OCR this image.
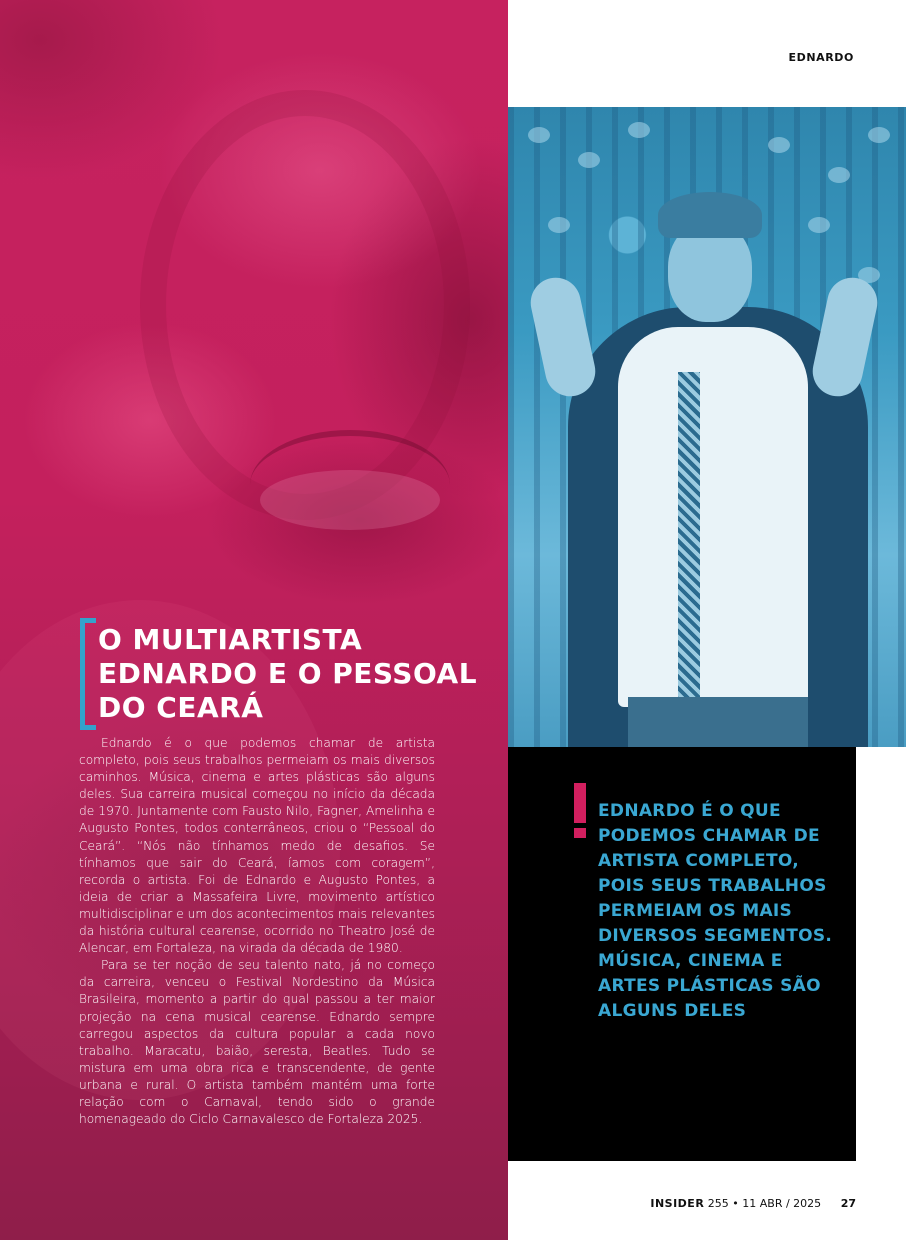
O MULTIARTISTA EDNARDO E O PESSOAL DO CEARÁ

Ednardo é o que podemos chamar de artista completo, pois seus trabalhos permeiam os mais diversos caminhos. Música, cinema e artes plásticas são alguns deles. Sua carreira musical começou no início da década de 1970. Juntamente com Fausto Nilo, Fagner, Amelinha e Augusto Pontes, todos conterrâneos, criou o “Pessoal do Ceará”. “Nós não tínhamos medo de desafios. Se tínhamos que sair do Ceará, íamos com coragem”, recorda o artista. Foi de Ednardo e Augusto Pontes, a ideia de criar a Massafeira Livre, movimento artístico multidisciplinar e um dos acontecimentos mais relevantes da história cultural cearense, ocorrido no Theatro José de Alencar, em Fortaleza, na virada da década de 1980.

Para se ter noção de seu talento nato, já no começo da carreira, venceu o Festival Nordestino da Música Brasileira, momento a partir do qual passou a ter maior projeção na cena musical cearense. Ednardo sempre carregou aspectos da cultura popular a cada novo trabalho. Maracatu, baião, seresta, Beatles. Tudo se mistura em uma obra rica e transcendente, de gente urbana e rural. O artista também mantém uma forte relação com o Carnaval, tendo sido o grande homenageado do Ciclo Carnavalesco de Fortaleza 2025.

EDNARDO

EDNARDO É O QUE PODEMOS CHAMAR DE ARTISTA COMPLETO, POIS SEUS TRABALHOS PERMEIAM OS MAIS DIVERSOS SEGMENTOS. MÚSICA, CINEMA E ARTES PLÁSTICAS SÃO ALGUNS DELES

INSIDER 255 • 11 ABR / 2025 27
